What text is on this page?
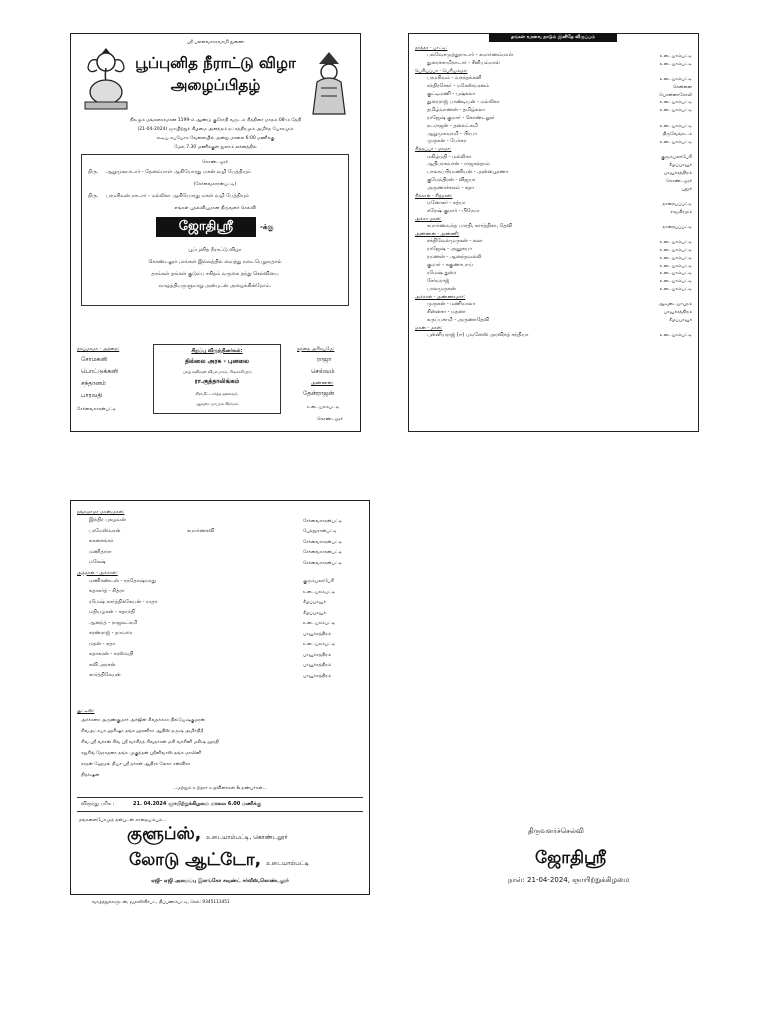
ஸ்ரீ பலவைகாரவாமி துணை
பூப்புனித நீராட்டு விழா
அழைப்பிதழ்
நிகழும் மங்களகரமான 1199-ம் ஆண்டு குரோதி வருடம் சித்திரை மாதம் 08-ம் தேதி
(21-04-2024) ஞாயிற்றுக் கிழமை அனந்தம் நட்சத்திரமும் அமிர்த யோகமும்
கூடிய சுபயோக வேளையில் அன்று மாலை 6:00 மணிக்கு
மேல் 7.30 மணிக்குள் துலாம் லக்னத்தில்
கொண்டலூர்
திரு. ஆறுமுகநாடார் - தேனம்மாள் ஆகியோரது மகன் வழி பேத்தியும்
(சேர்வைகாரன்பட்டி)
திரு. பரமசிவன் நாடார் - மல்லிகா ஆகியோரது மகள் வழி பேத்தியும்
எங்கள் புதல்வியுமான திருவளர் செல்வி
ஜோதிஸ்ரீ	-க்கு
பூப்புனித நீராட்டு விழா
கொண்டலூர் ,எங்கள் இல்லத்தில் வைத்து நடைபெறுவதால்
தாங்கள் தங்கள் குடும்ப சகிதம் வருகை தந்து செல்வியை
வாழ்த்தியருளுமாறு அன்புடன் அழைக்கின்றோம்.
தாய்மாமா - அத்தை:
சோமகனி
பொட்டுக்கனி
சந்தானம்
பாரவதி
சேர்வைகாரன்பட்டி
சிறப்பு விருந்தினர்கள்:
தில்லை அரசு - புனலை
புகழ் கவிஞன் வியாபாரம், சிவகாசிபுரம்
ரா.குத்தாலிங்கம்
கிராமிட்டார்த்த தலைவர்,
ஆவுடையாபுரம் கிராமம்
தந்தை அரிசயமே:
ராஜா
செல்வம்
அண்ணன்:
தேன்ராஜன்
உடையாம்பட்டி
கொண்டலூர்
தங்கள் வரவை நாடும் இனிதே விருப்பம்
தாத்தா - பாட்டி:
பலவேசமுத்துநாடார் - சுமார்ணம்மாள்	உடையாம்பட்டி
துரைச்சாமிநாடார் - சீனியம்மாள்	உடையாம்பட்டி
பெரியப்பா - பெரியம்மா:
பரமசிவம் - வசந்தக்கனி	உடையாம்பட்டி
சந்திரசேகர் - மகேஸ்வரனம்	சென்னை
குட்டிமணி - புஷ்கலா	பொன்னாசோலி
துரைராஜ் பாண்டியன் - மல்லிகா	உடையாம்பட்டி
தமிழ்வாணன் - தமிழ்கலா	உடையாம்பட்டி
ராஜேஷ் குமார் - கொண்டலூர்
நடராஜன் - தனலட்சுமி	உடையாம்பட்டி
ஆறுமுகவாமி - பிரபா	திருவேங்கடம்
முருகன் - பேச்சுர	உடையாம்பட்டி
சித்தப்பா - மாமா:
மகிழ்மதி - மல்லிகா	குரும்பலாபேரி
ஆதிபரசுவான் - ராஜசுந்தரம்	கீழப்பாவூர்
பாலசுப்பிரமணியன் - அன்னபூரணா	பாவூர்சத்திரம்
குமேந்திரன் - விஜயா	கொண்டலூர்
அருணாச்சலம் - சுதா	புதூர்
சிக்காள் - சித்தாள்:
மனோகர் - சத்யா	நாரையப்பட்டி
சுரேஷ் குமார் - பிரேமா	ராஜகிரமம்
அக்கா மகள்:
சுமார்ணவந்த பாரதி, கார்த்திகா, தேவி	நாரையப்பட்டி
அண்ணன் - அண்ணி:
சக்திவேல்முருகன் - கலா	உடையாம்பட்டி
ராஜேஷ் - அனுசுயா	உடையாம்பட்டி
ரமணன் - ஆனந்தவல்லி	உடையாம்பட்டி
குமார் - சுகுணாபாய்	உடையாம்பட்டி
ரமேஷ் துரை	உடையாம்பட்டி
சேர்மராஜ்	உடையாம்பட்டி
பாலமுருகன்	உடையாம்பட்டி
அக்காள் - அண்ணாமார்:
முருகன் - மணிமாலா	ஆவுடையாபுரம்
சின்னசா - மதனா	பாவூர்சத்திரம்
கருப்பசாமி - அருணாதேவி	கீழப்பாவூர்
மகன் - மகள்:
புன்னியராஜ் (ஈ) புவனேஸ் அரவிந்த் சந்தியா	உடையாம்பட்டி
தங்கமாமா மகன்,மகள்:
இந்திர புகழவன்	சேர்வைகாரன்பட்டி
பரமேஸ்வரன்	சுமார்ணசவி	பேத்தூரான்பட்டி
சுகனசங்கர்	சேர்வைகாரன்பட்டி
மணிதாரா	சேர்வைகாரன்பட்டி
மகேஷ்	சேர்வைகாரன்பட்டி
அத்தான் - அக்காள்:
மணிகண்டன் - சந்தோஷ்மாது	குரும்பலாபேரி
சுதாகர்த் - சித்ரா	உடையாம்பட்டி
ரமேஷ் கார்த்திக்கேயன் - ராதா	கீழப்பாவூர்
மதியழகன் - சுதாந்தி	கீழப்பாவூர்
ஆனந்த் - ராஜலட்சுமி	உடையாம்பட்டி
சரண்ராஜ் - தாமரை	பாவூர்சத்திரம்
மதன் - சுதா	உடையாம்பட்டி
சுதாகரன் - சரஸ்வதி	பாவூர்சத்திரம்
சுவி அரசன்	பாவூர்சத்திரம்
கார்த்திகேயன்	பாவூர்சத்திரம்
குட்டீஸ்:
அர்ச்சனா அருண்குமார் அர்ஜின் சிவதர்க்கா திவ்யேஷ்குமரன்
சிவஅட்சயா ஹரிஷா தங்க ஹரனிசா ஆதிஸ் தருஷ் அமிர்திதீ
சிவ ஸ்ரீ வர்சன் சிவ ஸ்ரீ வர்சிந்த் சிவதர்சன் மகி வர்சினி மகிஷ் ஹரதி
சதுசிங் தேராதனா தங்க முகுந்தன் ஸ்ரீனிவாஸ் தங்க மாலினி
ராதன் ஹேமல் தியா ஸ்ரீ தர்சன் ஆதிரா லேகா சன்விகா
நித்ர்ஷன்
...மற்றும் உற்றார் உறவினர்கள் & நண்பர்கள்...
விருந்து பரிசு :	21. 04.2024 ஞாயிற்றுக்கிழமை மாலை 6.00 மணிக்கு
தங்களைபோமுத் தன்புடன் காதையம்பும்...
குளூப்ஸ், உடையாம்பட்டி, கொண்டலூர்
லோடு ஆட்டோ, உடையாம்பட்டி
ஏஜி- ஏஜி அமைப்பு இளங்கோ சவுண்ட் சர்வீஸ்,கொண்டலூர்
வாழ்த்துக்களுடன், ஜமாஸ்கிர்பட், திப்பணம்பட்டி, செல்: 9345113451
திருவளர்ச்செல்வி
ஜோதிஸ்ரீ
நாள்: 21-04-2024, ஞாயிற்றுக்கிழமை
